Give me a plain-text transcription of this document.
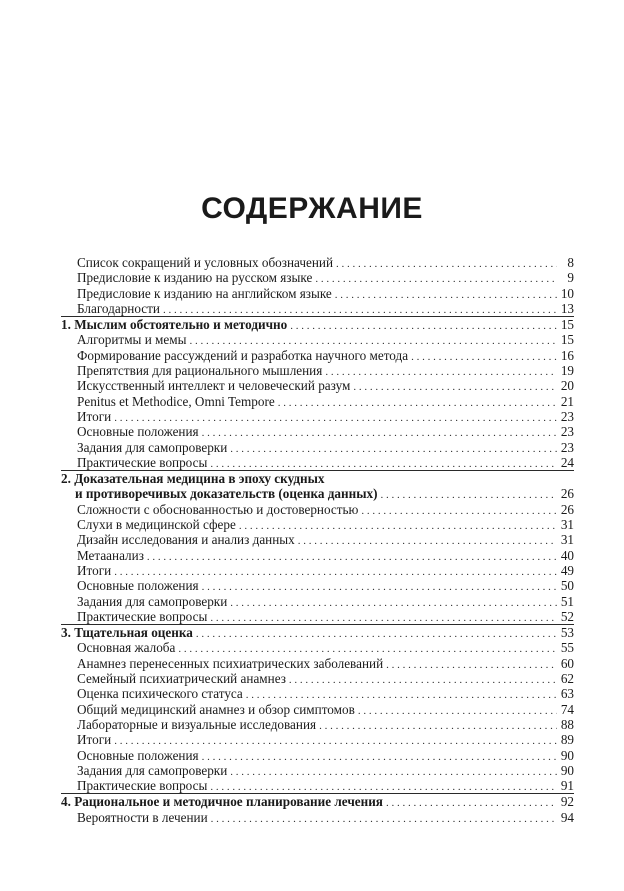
СОДЕРЖАНИЕ
Список сокращений и условных обозначений . . .	8
Предисловие к изданию на русском языке . . .	9
Предисловие к изданию на английском языке . . .	10
Благодарности . . .	13
1. Мыслим обстоятельно и методично . . .	15
Алгоритмы и мемы . . .	15
Формирование рассуждений и разработка научного метода . . .	16
Препятствия для рационального мышления . . .	19
Искусственный интеллект и человеческий разум . . .	20
Penitus et Methodice, Omni Tempore . . .	21
Итоги . . .	23
Основные положения . . .	23
Задания для самопроверки . . .	23
Практические вопросы . . .	24
2. Доказательная медицина в эпоху скудных
и противоречивых доказательств (оценка данных) . . .	26
Сложности с обоснованностью и достоверностью . . .	26
Слухи в медицинской сфере . . .	31
Дизайн исследования и анализ данных . . .	31
Метаанализ . . .	40
Итоги . . .	49
Основные положения . . .	50
Задания для самопроверки . . .	51
Практические вопросы . . .	52
3. Тщательная оценка . . .	53
Основная жалоба . . .	55
Анамнез перенесенных психиатрических заболеваний . . .	60
Семейный психиатрический анамнез . . .	62
Оценка психического статуса . . .	63
Общий медицинский анамнез и обзор симптомов . . .	74
Лабораторные и визуальные исследования . . .	88
Итоги . . .	89
Основные положения . . .	90
Задания для самопроверки . . .	90
Практические вопросы . . .	91
4. Рациональное и методичное планирование лечения . . .	92
Вероятности в лечении . . .	94
